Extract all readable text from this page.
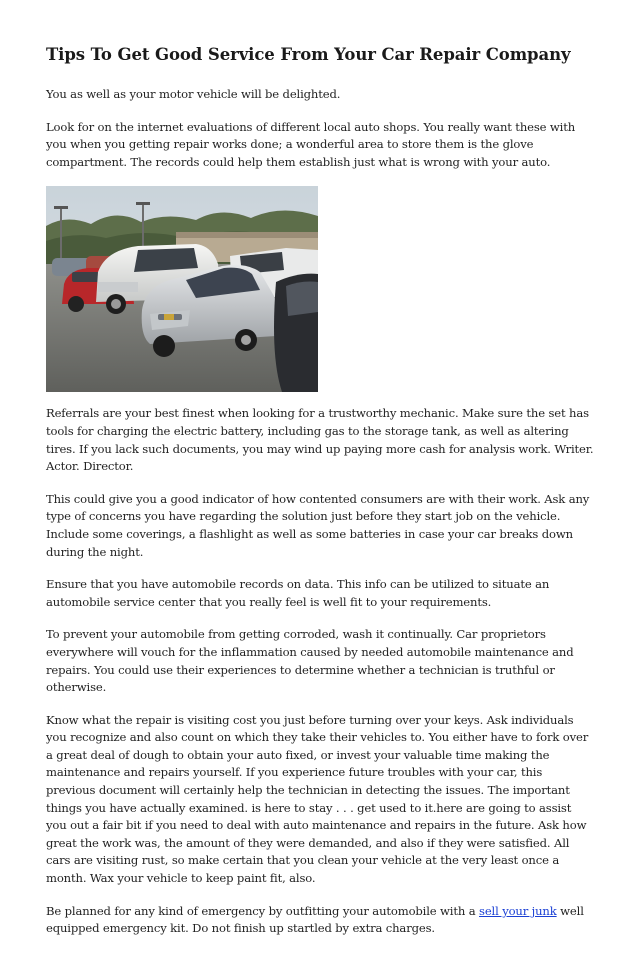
Tips To Get Good Service From Your Car Repair Company

You as well as your motor vehicle will be delighted.

Look for on the internet evaluations of different local auto shops. You really want these with you when you getting repair works done; a wonderful area to store them is the glove compartment. The records could help them establish just what is wrong with your auto.

Referrals are your best finest when looking for a trustworthy mechanic. Make sure the set has tools for charging the electric battery, including gas to the storage tank, as well as altering tires. If you lack such documents, you may wind up paying more cash for analysis work. Writer. Actor. Director.

This could give you a good indicator of how contented consumers are with their work. Ask any type of concerns you have regarding the solution just before they start job on the vehicle. Include some coverings, a flashlight as well as some batteries in case your car breaks down during the night.

Ensure that you have automobile records on data. This info can be utilized to situate an automobile service center that you really feel is well fit to your requirements.

To prevent your automobile from getting corroded, wash it continually. Car proprietors everywhere will vouch for the inflammation caused by needed automobile maintenance and repairs. You could use their experiences to determine whether a technician is truthful or otherwise.

Know what the repair is visiting cost you just before turning over your keys. Ask individuals you recognize and also count on which they take their vehicles to. You either have to fork over a great deal of dough to obtain your auto fixed, or invest your valuable time making the maintenance and repairs yourself. If you experience future troubles with your car, this previous document will certainly help the technician in detecting the issues. The important things you have actually examined. is here to stay . . . get used to it.here are going to assist you out a fair bit if you need to deal with auto maintenance and repairs in the future. Ask how great the work was, the amount of they were demanded, and also if they were satisfied. All cars are visiting rust, so make certain that you clean your vehicle at the very least once a month. Wax your vehicle to keep paint fit, also.

Be planned for any kind of emergency by outfitting your automobile with a sell your junk well equipped emergency kit. Do not finish up startled by extra charges.
